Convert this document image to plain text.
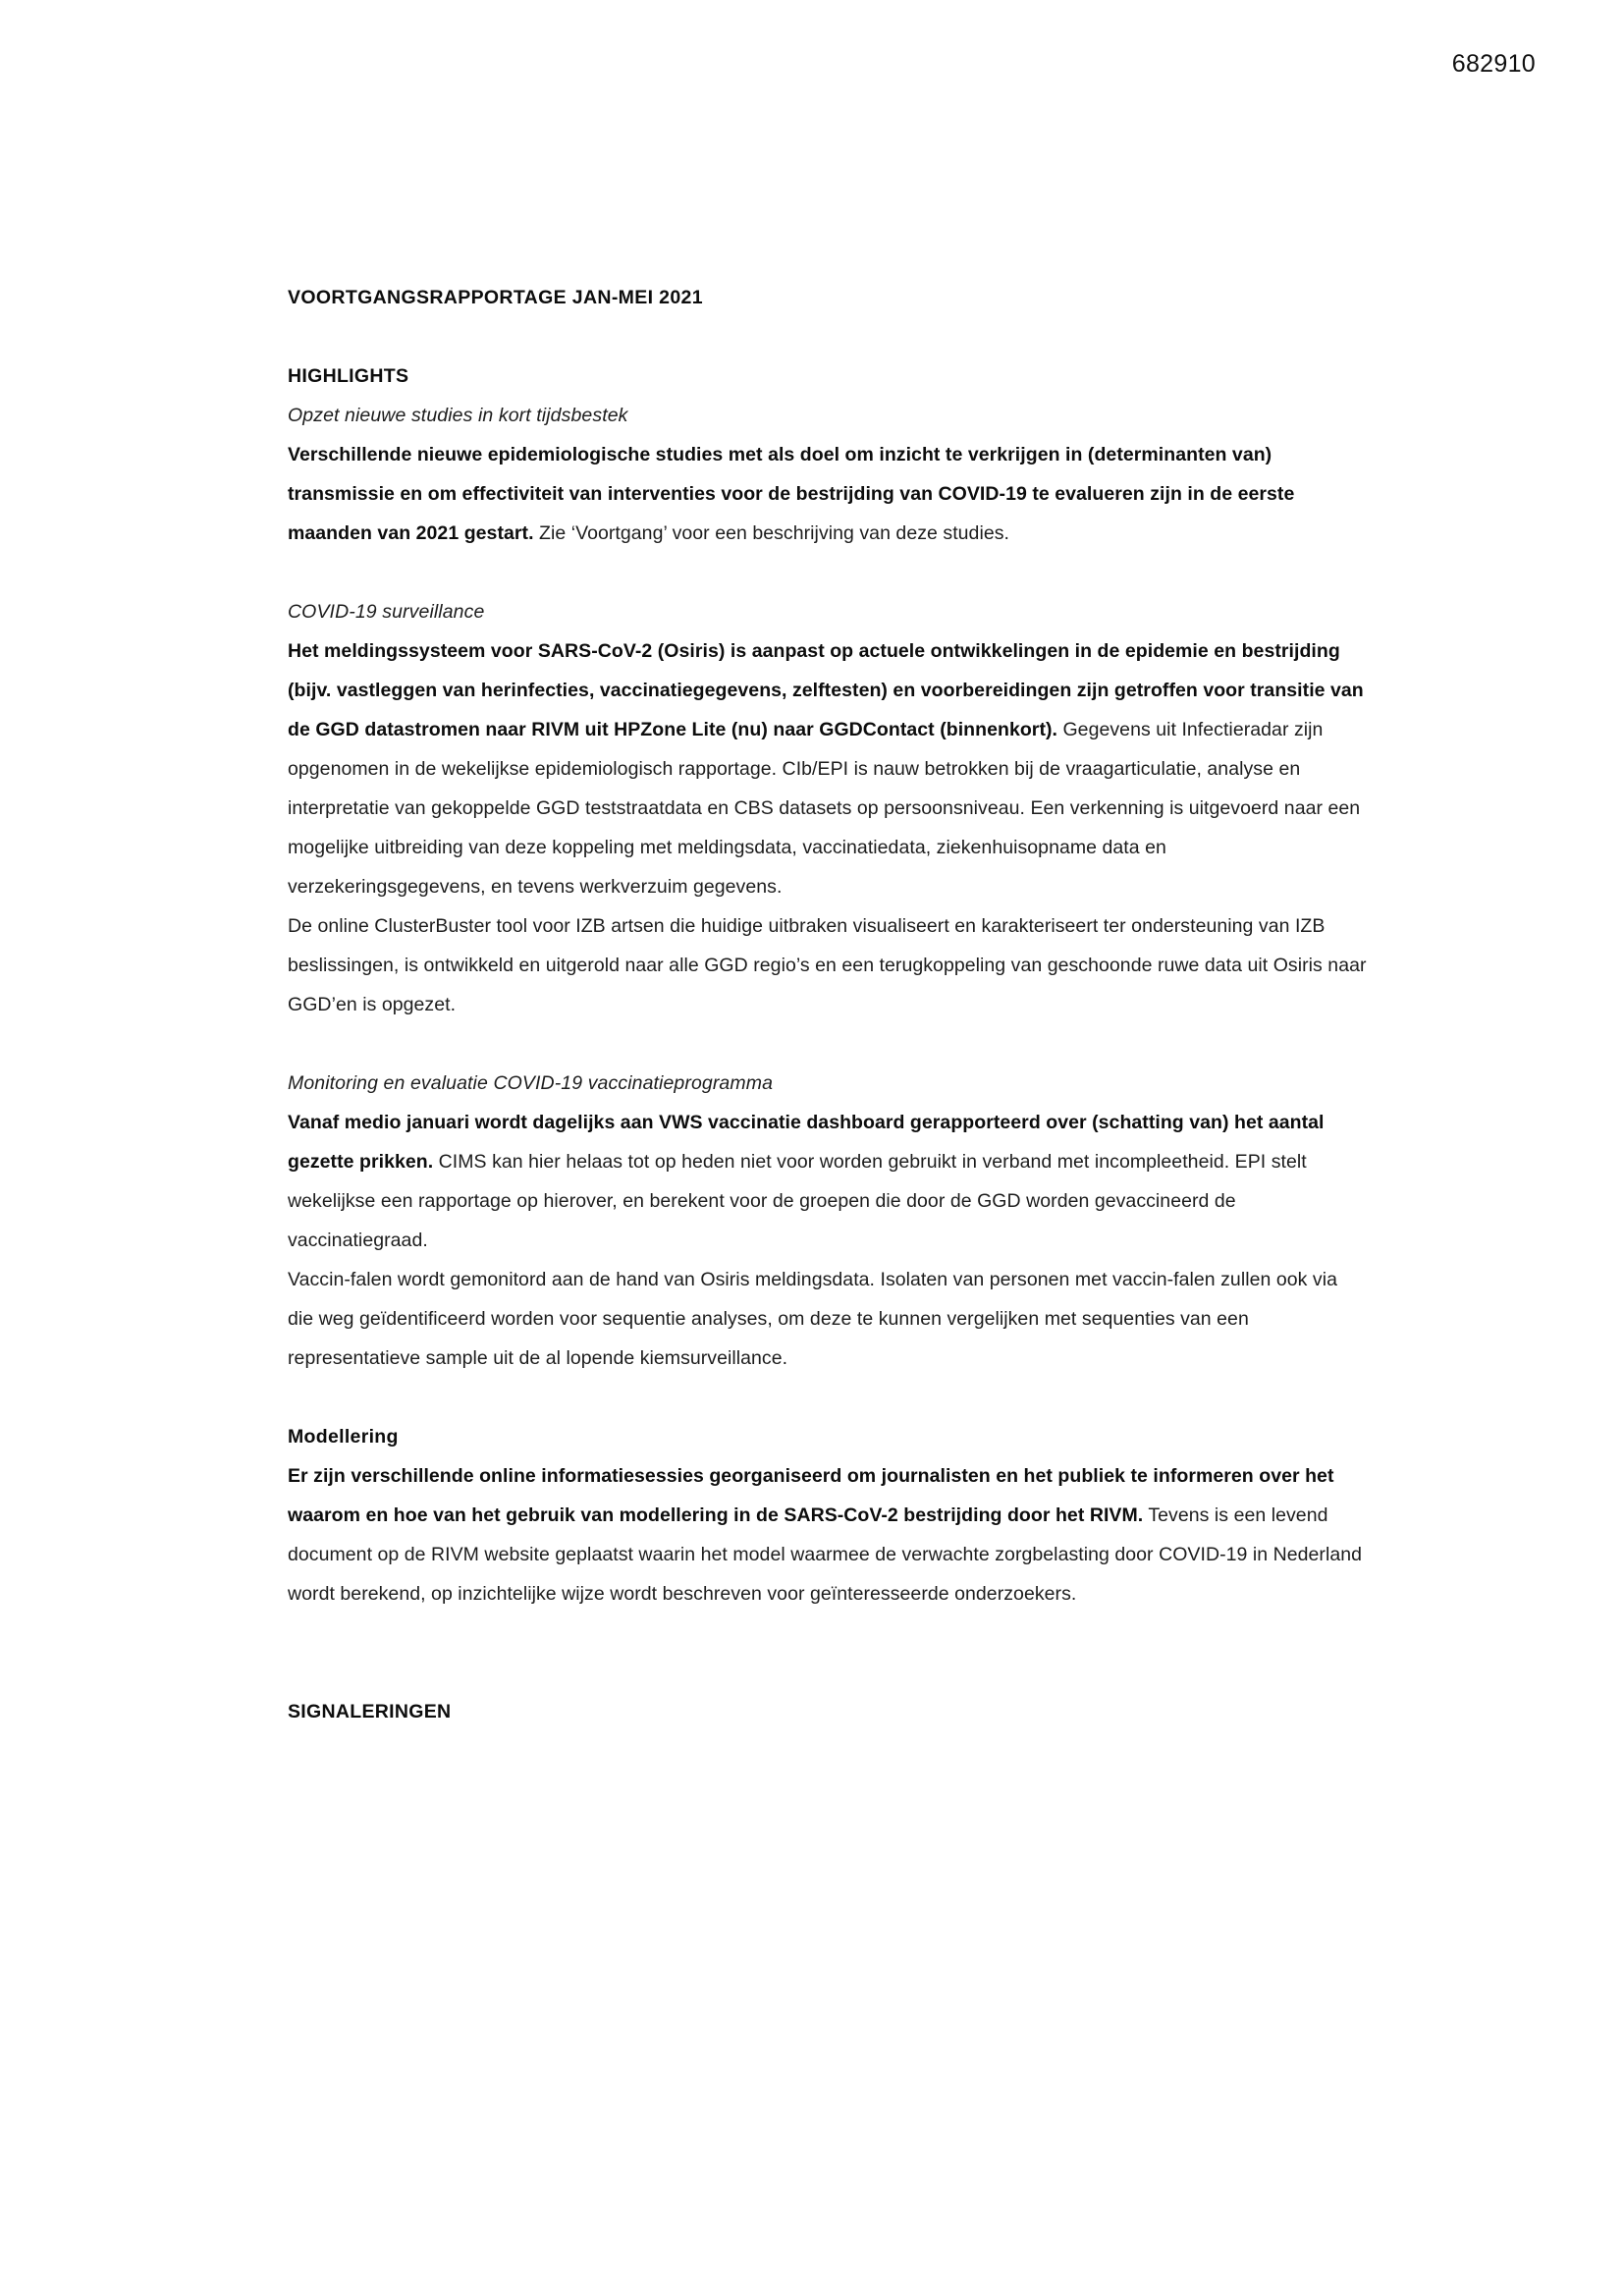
682910
VOORTGANGSRAPPORTAGE JAN-MEI 2021
HIGHLIGHTS

Opzet nieuwe studies in kort tijdsbestek

Verschillende nieuwe epidemiologische studies met als doel om inzicht te verkrijgen in (determinanten van) transmissie en om effectiviteit van interventies voor de bestrijding van COVID-19 te evalueren zijn in de eerste maanden van 2021 gestart. Zie ‘Voortgang’ voor een beschrijving van deze studies.

COVID-19 surveillance

Het meldingssysteem voor SARS-CoV-2 (Osiris) is aanpast op actuele ontwikkelingen in de epidemie en bestrijding (bijv. vastleggen van herinfecties, vaccinatiegegevens, zelftesten) en voorbereidingen zijn getroffen voor transitie van de GGD datastromen naar RIVM uit HPZone Lite (nu) naar GGDContact (binnenkort). Gegevens uit Infectieradar zijn opgenomen in de wekelijkse epidemiologisch rapportage. CIb/EPI is nauw betrokken bij de vraagarticulatie, analyse en interpretatie van gekoppelde GGD teststraatdata en CBS datasets op persoonsniveau. Een verkenning is uitgevoerd naar een mogelijke uitbreiding van deze koppeling met meldingsdata, vaccinatiedata, ziekenhuisopname data en verzekeringsgegevens, en tevens werkverzuim gegevens.

De online ClusterBuster tool voor IZB artsen die huidige uitbraken visualiseert en karakteriseert ter ondersteuning van IZB beslissingen, is ontwikkeld en uitgerold naar alle GGD regio’s en een terugkoppeling van geschoonde ruwe data uit Osiris naar GGD’en is opgezet.

Monitoring en evaluatie COVID-19 vaccinatieprogramma

Vanaf medio januari wordt dagelijks aan VWS vaccinatie dashboard gerapporteerd over (schatting van) het aantal gezette prikken. CIMS kan hier helaas tot op heden niet voor worden gebruikt in verband met incompleetheid. EPI stelt wekelijkse een rapportage op hierover, en berekent voor de groepen die door de GGD worden gevaccineerd de vaccinatiegraad.

Vaccin-falen wordt gemonitord aan de hand van Osiris meldingsdata. Isolaten van personen met vaccin-falen zullen ook via die weg geïdentificeerd worden voor sequentie analyses, om deze te kunnen vergelijken met sequenties van een representatieve sample uit de al lopende kiemsurveillance.

Modellering

Er zijn verschillende online informatiesessies georganiseerd om journalisten en het publiek te informeren over het waarom en hoe van het gebruik van modellering in de SARS-CoV-2 bestrijding door het RIVM. Tevens is een levend document op de RIVM website geplaatst waarin het model waarmee de verwachte zorgbelasting door COVID-19 in Nederland wordt berekend, op inzichtelijke wijze wordt beschreven voor geïnteresseerde onderzoekers.

SIGNALERINGEN
